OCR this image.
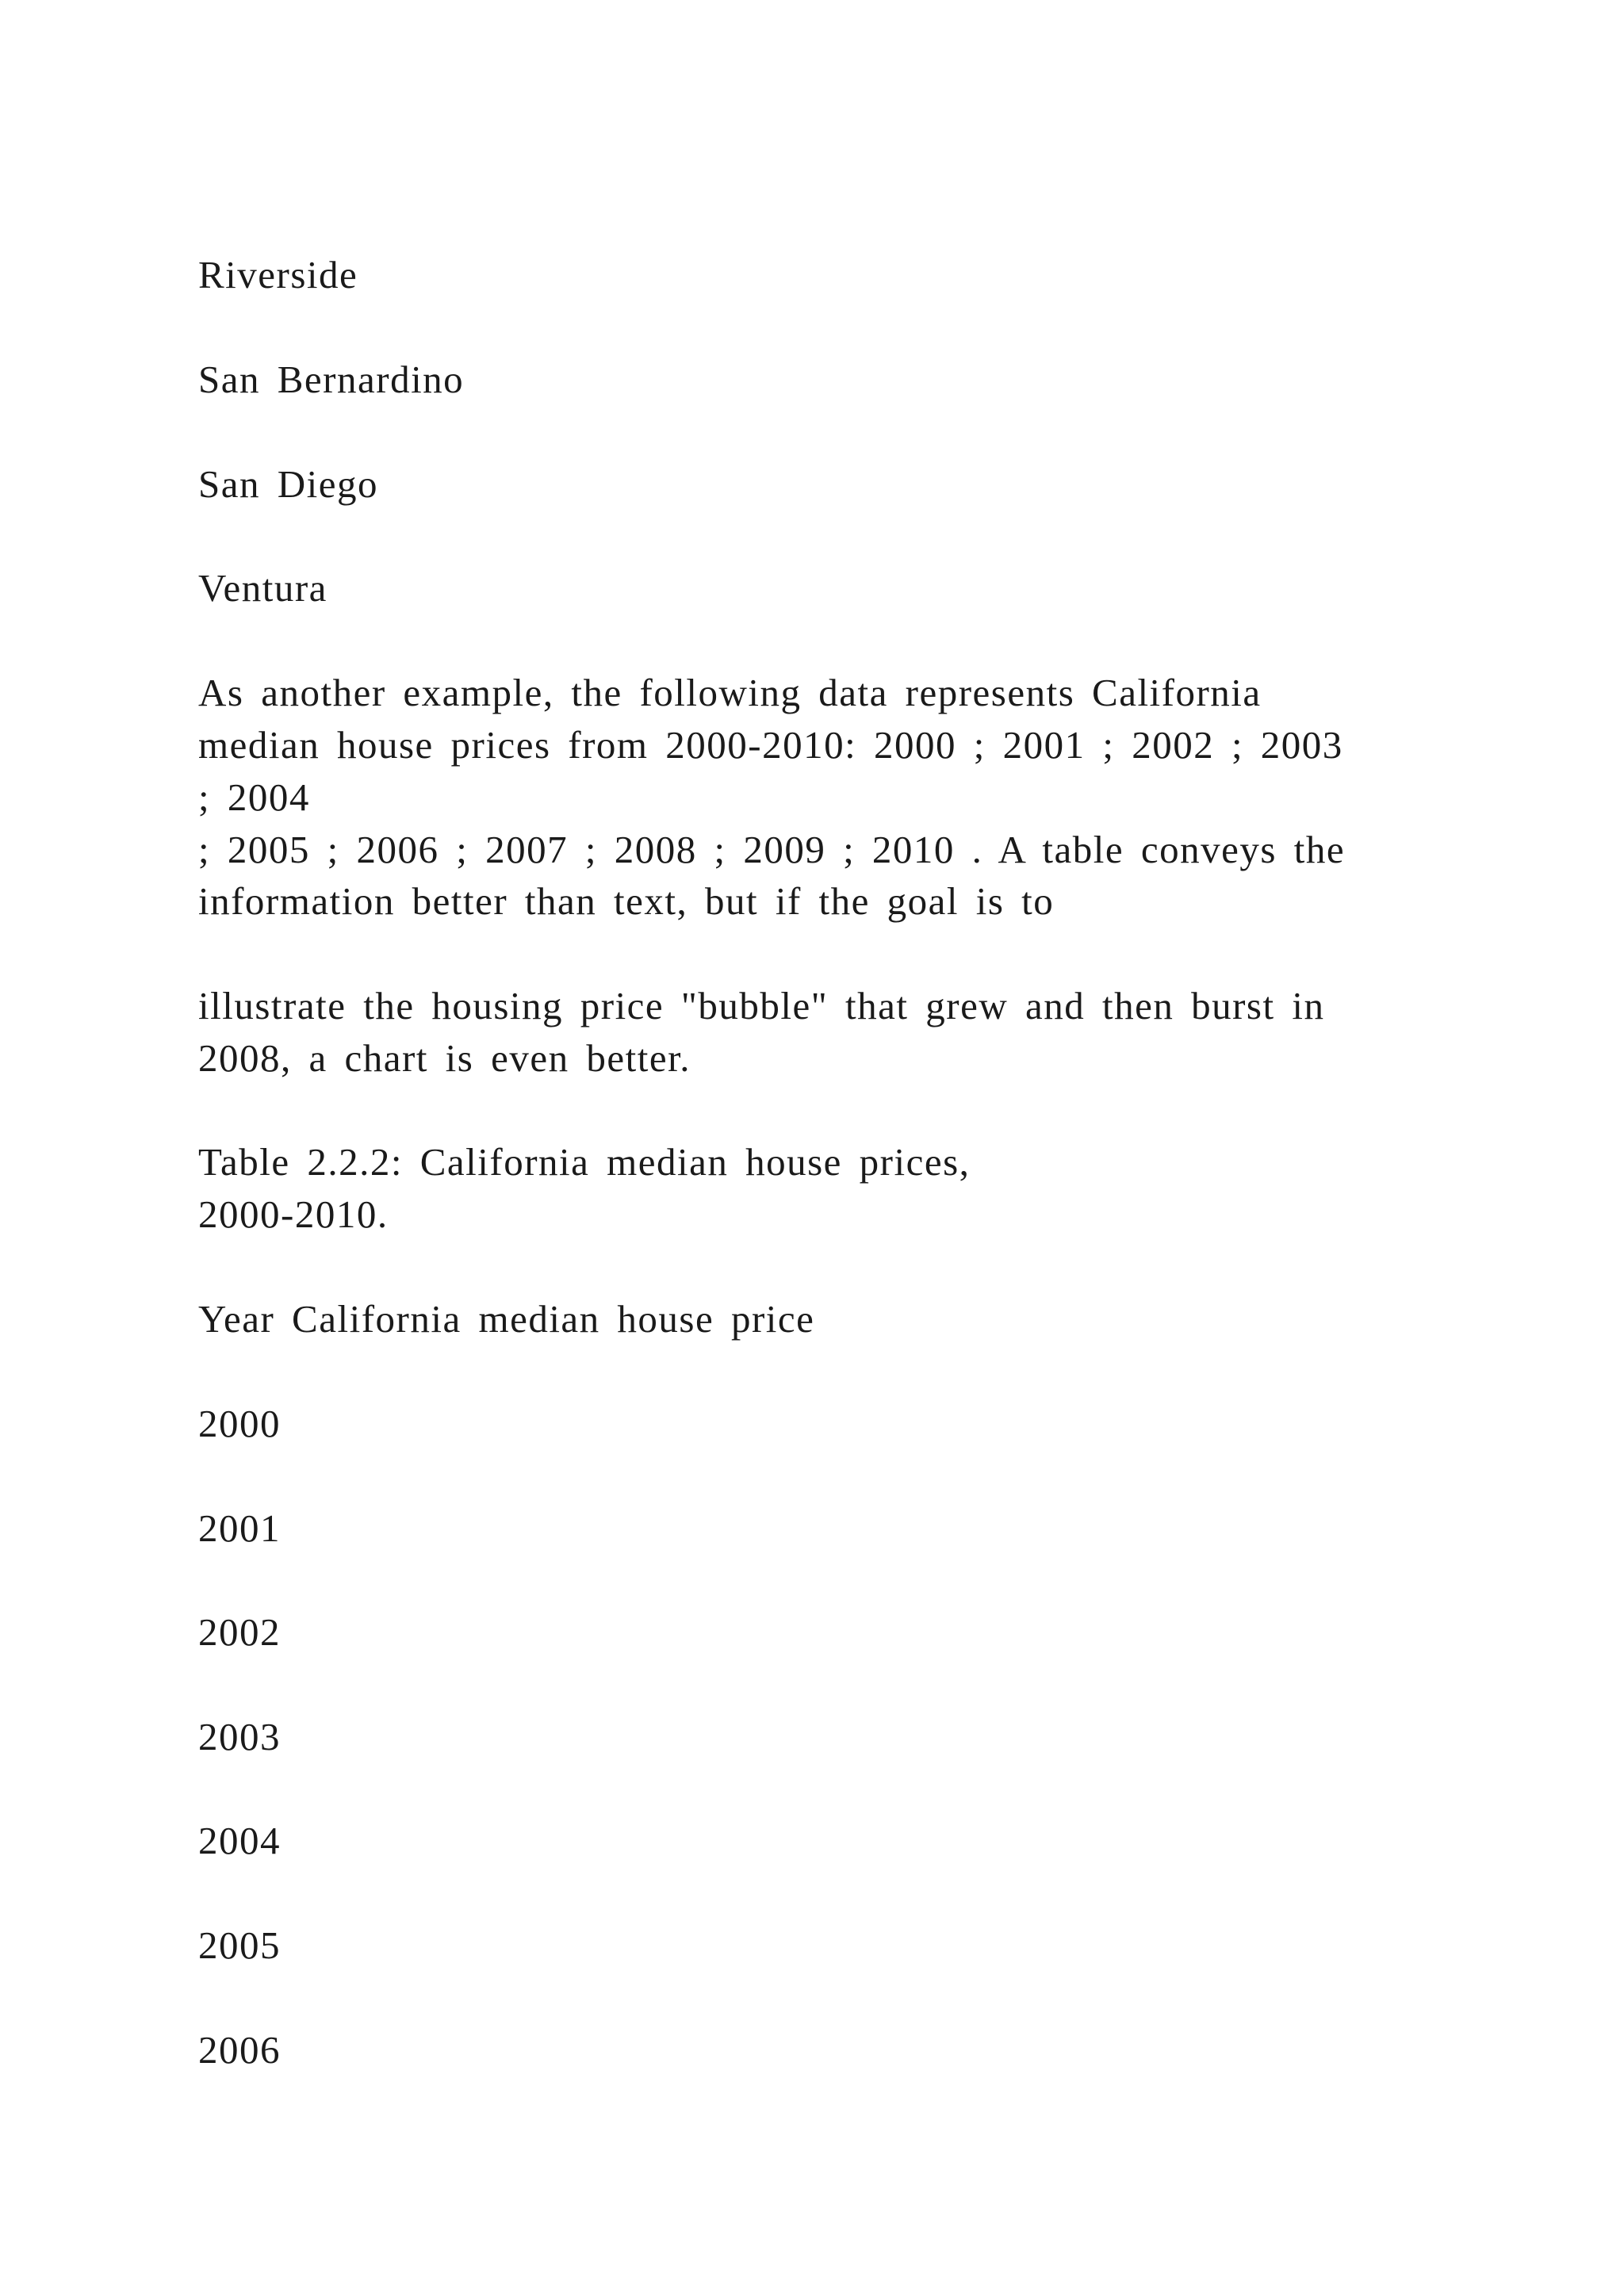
Riverside
San Bernardino
San Diego
Ventura
As another example, the following data represents California
median house prices from 2000-2010: 2000 ; 2001 ; 2002 ; 2003
; 2004
; 2005 ; 2006 ; 2007 ; 2008 ; 2009 ; 2010 . A table conveys the
information better than text, but if the goal is to
illustrate the housing price "bubble" that grew and then burst in
2008, a chart is even better.
Table 2.2.2: California median house prices,
2000-2010.
Year California median house price
2000
2001
2002
2003
2004
2005
2006
